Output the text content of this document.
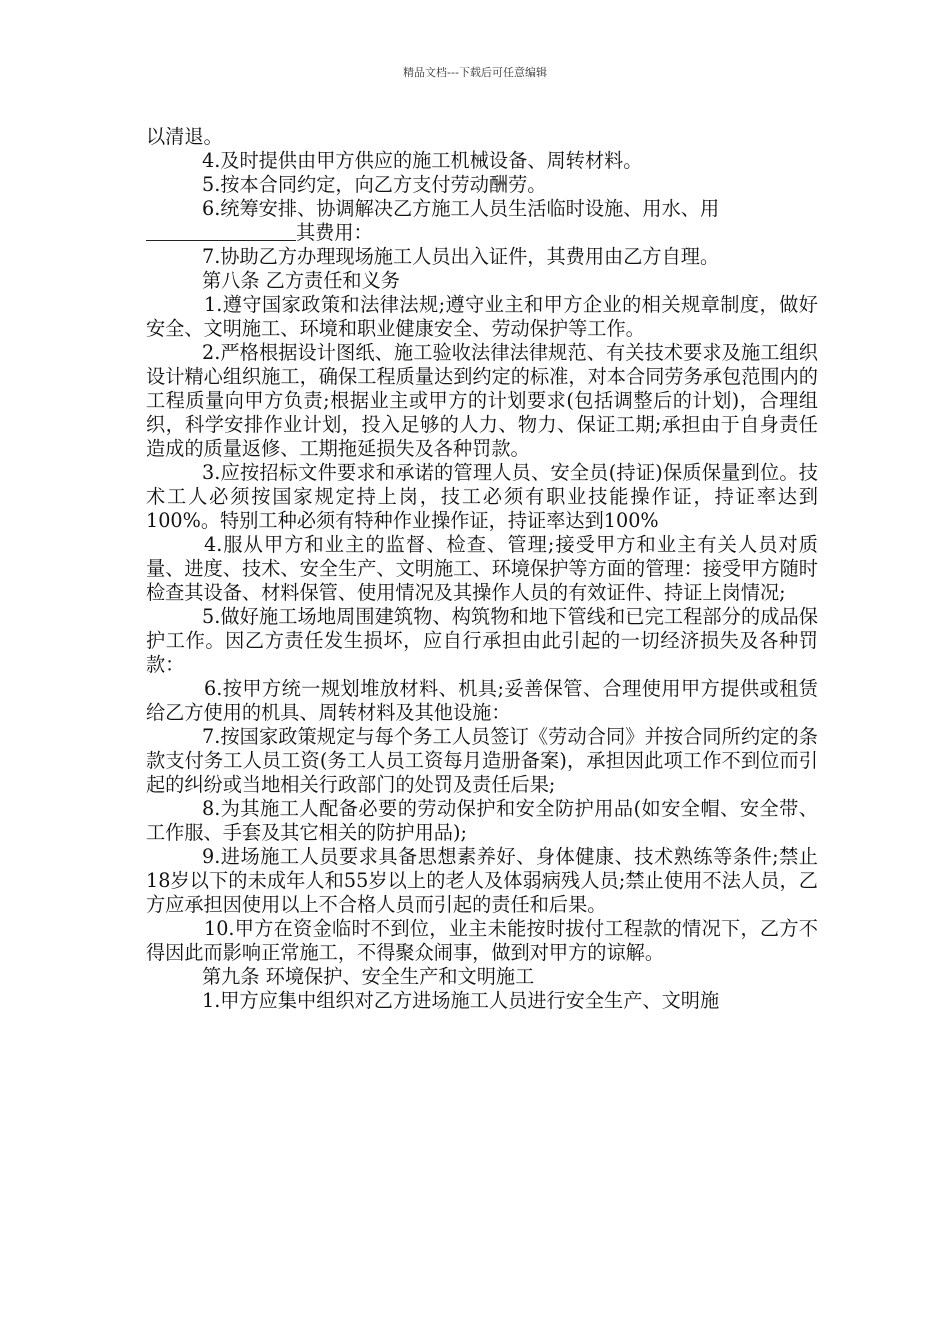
精品文档---下载后可任意编辑

以清退。

4.及时提供由甲方供应的施工机械设备、周转材料。

5.按本合同约定，向乙方支付劳动酬劳。

6.统筹安排、协调解决乙方施工人员生活临时设施、用水、用

其费用：

7.协助乙方办理现场施工人员出入证件，其费用由乙方自理。

第八条 乙方责任和义务

1.遵守国家政策和法律法规;遵守业主和甲方企业的相关规章制度，做好安全、文明施工、环境和职业健康安全、劳动保护等工作。

2.严格根据设计图纸、施工验收法律法律规范、有关技术要求及施工组织设计精心组织施工，确保工程质量达到约定的标准，对本合同劳务承包范围内的工程质量向甲方负责;根据业主或甲方的计划要求(包括调整后的计划)，合理组织，科学安排作业计划，投入足够的人力、物力、保证工期;承担由于自身责任造成的质量返修、工期拖延损失及各种罚款。

3.应按招标文件要求和承诺的管理人员、安全员(持证)保质保量到位。技术工人必须按国家规定持上岗，技工必须有职业技能操作证，持证率达到100%。特别工种必须有特种作业操作证，持证率达到100%

4.服从甲方和业主的监督、检查、管理;接受甲方和业主有关人员对质量、进度、技术、安全生产、文明施工、环境保护等方面的管理：接受甲方随时检查其设备、材料保管、使用情况及其操作人员的有效证件、持证上岗情况;

5.做好施工场地周围建筑物、构筑物和地下管线和已完工程部分的成品保护工作。因乙方责任发生损坏，应自行承担由此引起的一切经济损失及各种罚款：

6.按甲方统一规划堆放材料、机具;妥善保管、合理使用甲方提供或租赁给乙方使用的机具、周转材料及其他设施：

7.按国家政策规定与每个务工人员签订《劳动合同》并按合同所约定的条款支付务工人员工资(务工人员工资每月造册备案)，承担因此项工作不到位而引起的纠纷或当地相关行政部门的处罚及责任后果;

8.为其施工人配备必要的劳动保护和安全防护用品(如安全帽、安全带、工作服、手套及其它相关的防护用品);

9.进场施工人员要求具备思想素养好、身体健康、技术熟练等条件;禁止18岁以下的未成年人和55岁以上的老人及体弱病残人员;禁止使用不法人员，乙方应承担因使用以上不合格人员而引起的责任和后果。

10.甲方在资金临时不到位，业主未能按时拔付工程款的情况下，乙方不得因此而影响正常施工，不得聚众闹事，做到对甲方的谅解。

第九条 环境保护、安全生产和文明施工

1.甲方应集中组织对乙方进场施工人员进行安全生产、文明施
